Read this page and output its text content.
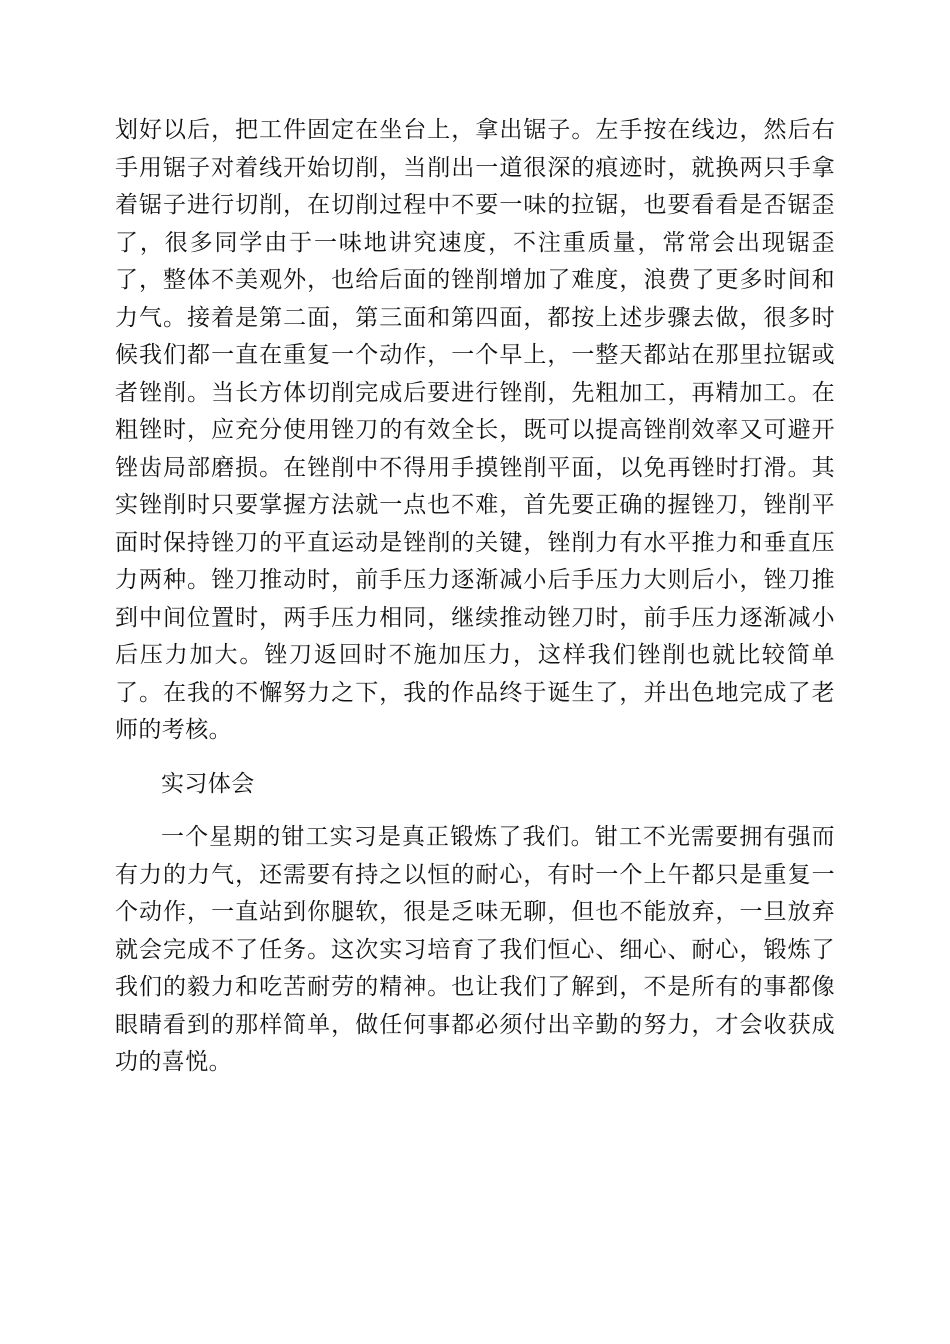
划好以后，把工件固定在坐台上，拿出锯子。左手按在线边，然后右手用锯子对着线开始切削，当削出一道很深的痕迹时，就换两只手拿着锯子进行切削，在切削过程中不要一味的拉锯，也要看看是否锯歪了，很多同学由于一味地讲究速度，不注重质量，常常会出现锯歪了，整体不美观外，也给后面的锉削增加了难度，浪费了更多时间和力气。接着是第二面，第三面和第四面，都按上述步骤去做，很多时候我们都一直在重复一个动作，一个早上，一整天都站在那里拉锯或者锉削。当长方体切削完成后要进行锉削，先粗加工，再精加工。在粗锉时，应充分使用锉刀的有效全长，既可以提高锉削效率又可避开锉齿局部磨损。在锉削中不得用手摸锉削平面，以免再锉时打滑。其实锉削时只要掌握方法就一点也不难，首先要正确的握锉刀，锉削平面时保持锉刀的平直运动是锉削的关键，锉削力有水平推力和垂直压力两种。锉刀推动时，前手压力逐渐减小后手压力大则后小，锉刀推到中间位置时，两手压力相同，继续推动锉刀时，前手压力逐渐减小后压力加大。锉刀返回时不施加压力，这样我们锉削也就比较简单了。在我的不懈努力之下，我的作品终于诞生了，并出色地完成了老师的考核。

实习体会

一个星期的钳工实习是真正锻炼了我们。钳工不光需要拥有强而有力的力气，还需要有持之以恒的耐心，有时一个上午都只是重复一个动作，一直站到你腿软，很是乏味无聊，但也不能放弃，一旦放弃就会完成不了任务。这次实习培育了我们恒心、细心、耐心，锻炼了我们的毅力和吃苦耐劳的精神。也让我们了解到，不是所有的事都像眼睛看到的那样简单，做任何事都必须付出辛勤的努力，才会收获成功的喜悦。
